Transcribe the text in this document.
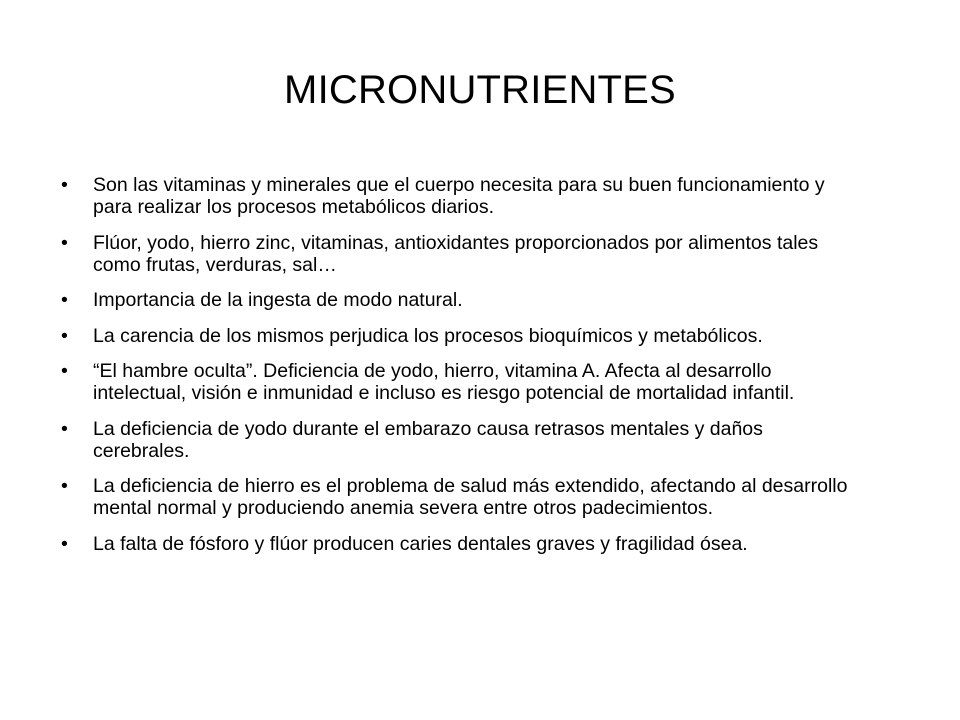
MICRONUTRIENTES
•	Son las vitaminas y minerales que el cuerpo necesita para su buen funcionamiento y para realizar los procesos metabólicos diarios.
•	Flúor, yodo, hierro zinc, vitaminas, antioxidantes proporcionados por alimentos tales como frutas, verduras, sal…
•	Importancia de la ingesta de modo natural.
•	La carencia de los mismos perjudica los procesos bioquímicos y metabólicos.
•	“El hambre oculta”. Deficiencia de yodo, hierro, vitamina A. Afecta al desarrollo intelectual, visión e inmunidad e incluso es riesgo potencial de mortalidad infantil.
•	La deficiencia de yodo durante el embarazo causa retrasos mentales y daños cerebrales.
•	La deficiencia de hierro es el problema de salud más extendido, afectando al desarrollo mental normal y produciendo anemia severa entre otros padecimientos.
•	La falta de fósforo y flúor producen caries dentales graves y fragilidad ósea.
